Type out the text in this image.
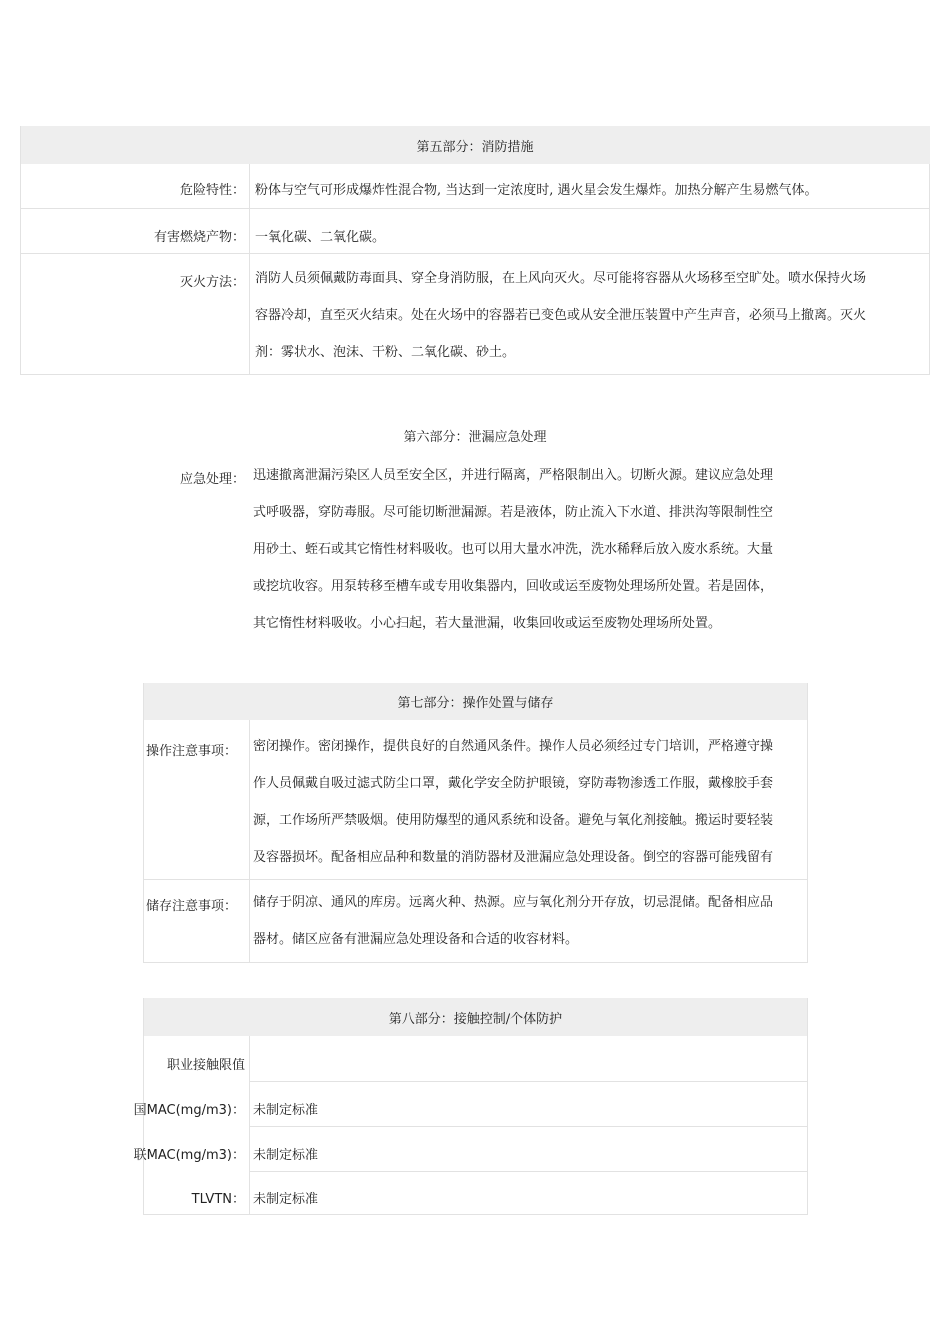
第五部分：消防措施
危险特性： 粉体与空气可形成爆炸性混合物, 当达到一定浓度时, 遇火星会发生爆炸。加热分解产生易燃气体。
有害燃烧产物： 一氧化碳、二氧化碳。
灭火方法： 消防人员须佩戴防毒面具、穿全身消防服，在上风向灭火。尽可能将容器从火场移至空旷处。喷水保持火场
容器冷却，直至灭火结束。处在火场中的容器若已变色或从安全泄压装置中产生声音，必须马上撤离。灭火
剂：雾状水、泡沫、干粉、二氧化碳、砂土。
第六部分：泄漏应急处理
应急处理： 迅速撤离泄漏污染区人员至安全区，并进行隔离，严格限制出入。切断火源。建议应急处理
式呼吸器，穿防毒服。尽可能切断泄漏源。若是液体，防止流入下水道、排洪沟等限制性空
用砂土、蛭石或其它惰性材料吸收。也可以用大量水冲洗，洗水稀释后放入废水系统。大量
或挖坑收容。用泵转移至槽车或专用收集器内，回收或运至废物处理场所处置。若是固体，
其它惰性材料吸收。小心扫起，若大量泄漏，收集回收或运至废物处理场所处置。
第七部分：操作处置与储存
操作注意事项： 密闭操作。密闭操作，提供良好的自然通风条件。操作人员必须经过专门培训，严格遵守操
作人员佩戴自吸过滤式防尘口罩，戴化学安全防护眼镜，穿防毒物渗透工作服，戴橡胶手套
源，工作场所严禁吸烟。使用防爆型的通风系统和设备。避免与氧化剂接触。搬运时要轻装
及容器损坏。配备相应品种和数量的消防器材及泄漏应急处理设备。倒空的容器可能残留有
储存注意事项： 储存于阴凉、通风的库房。远离火种、热源。应与氧化剂分开存放，切忌混储。配备相应品
器材。储区应备有泄漏应急处理设备和合适的收容材料。
第八部分：接触控制/个体防护
职业接触限值
国MAC(mg/m3)： 未制定标准
联MAC(mg/m3)： 未制定标准
TLVTN： 未制定标准
